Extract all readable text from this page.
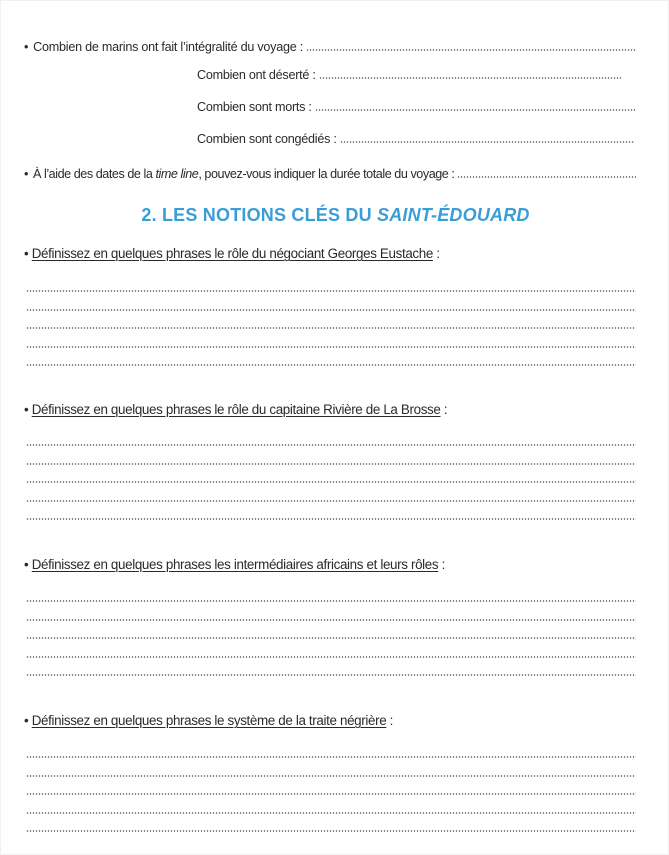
• Combien de marins ont fait l’intégralité du voyage :
Combien ont déserté :
Combien sont morts :
Combien sont congédiés :
• À l’aide des dates de la time line , pouvez-vous indiquer la durée totale du voyage :
2. LES NOTIONS CLÉS DU SAINT-ÉDOUARD
• Définissez en quelques phrases le rôle du négociant Georges Eustache :
• Définissez en quelques phrases le rôle du capitaine Rivière de La Brosse :
• Définissez en quelques phrases les intermédiaires africains et leurs rôles :
• Définissez en quelques phrases le système de la traite négrière :
